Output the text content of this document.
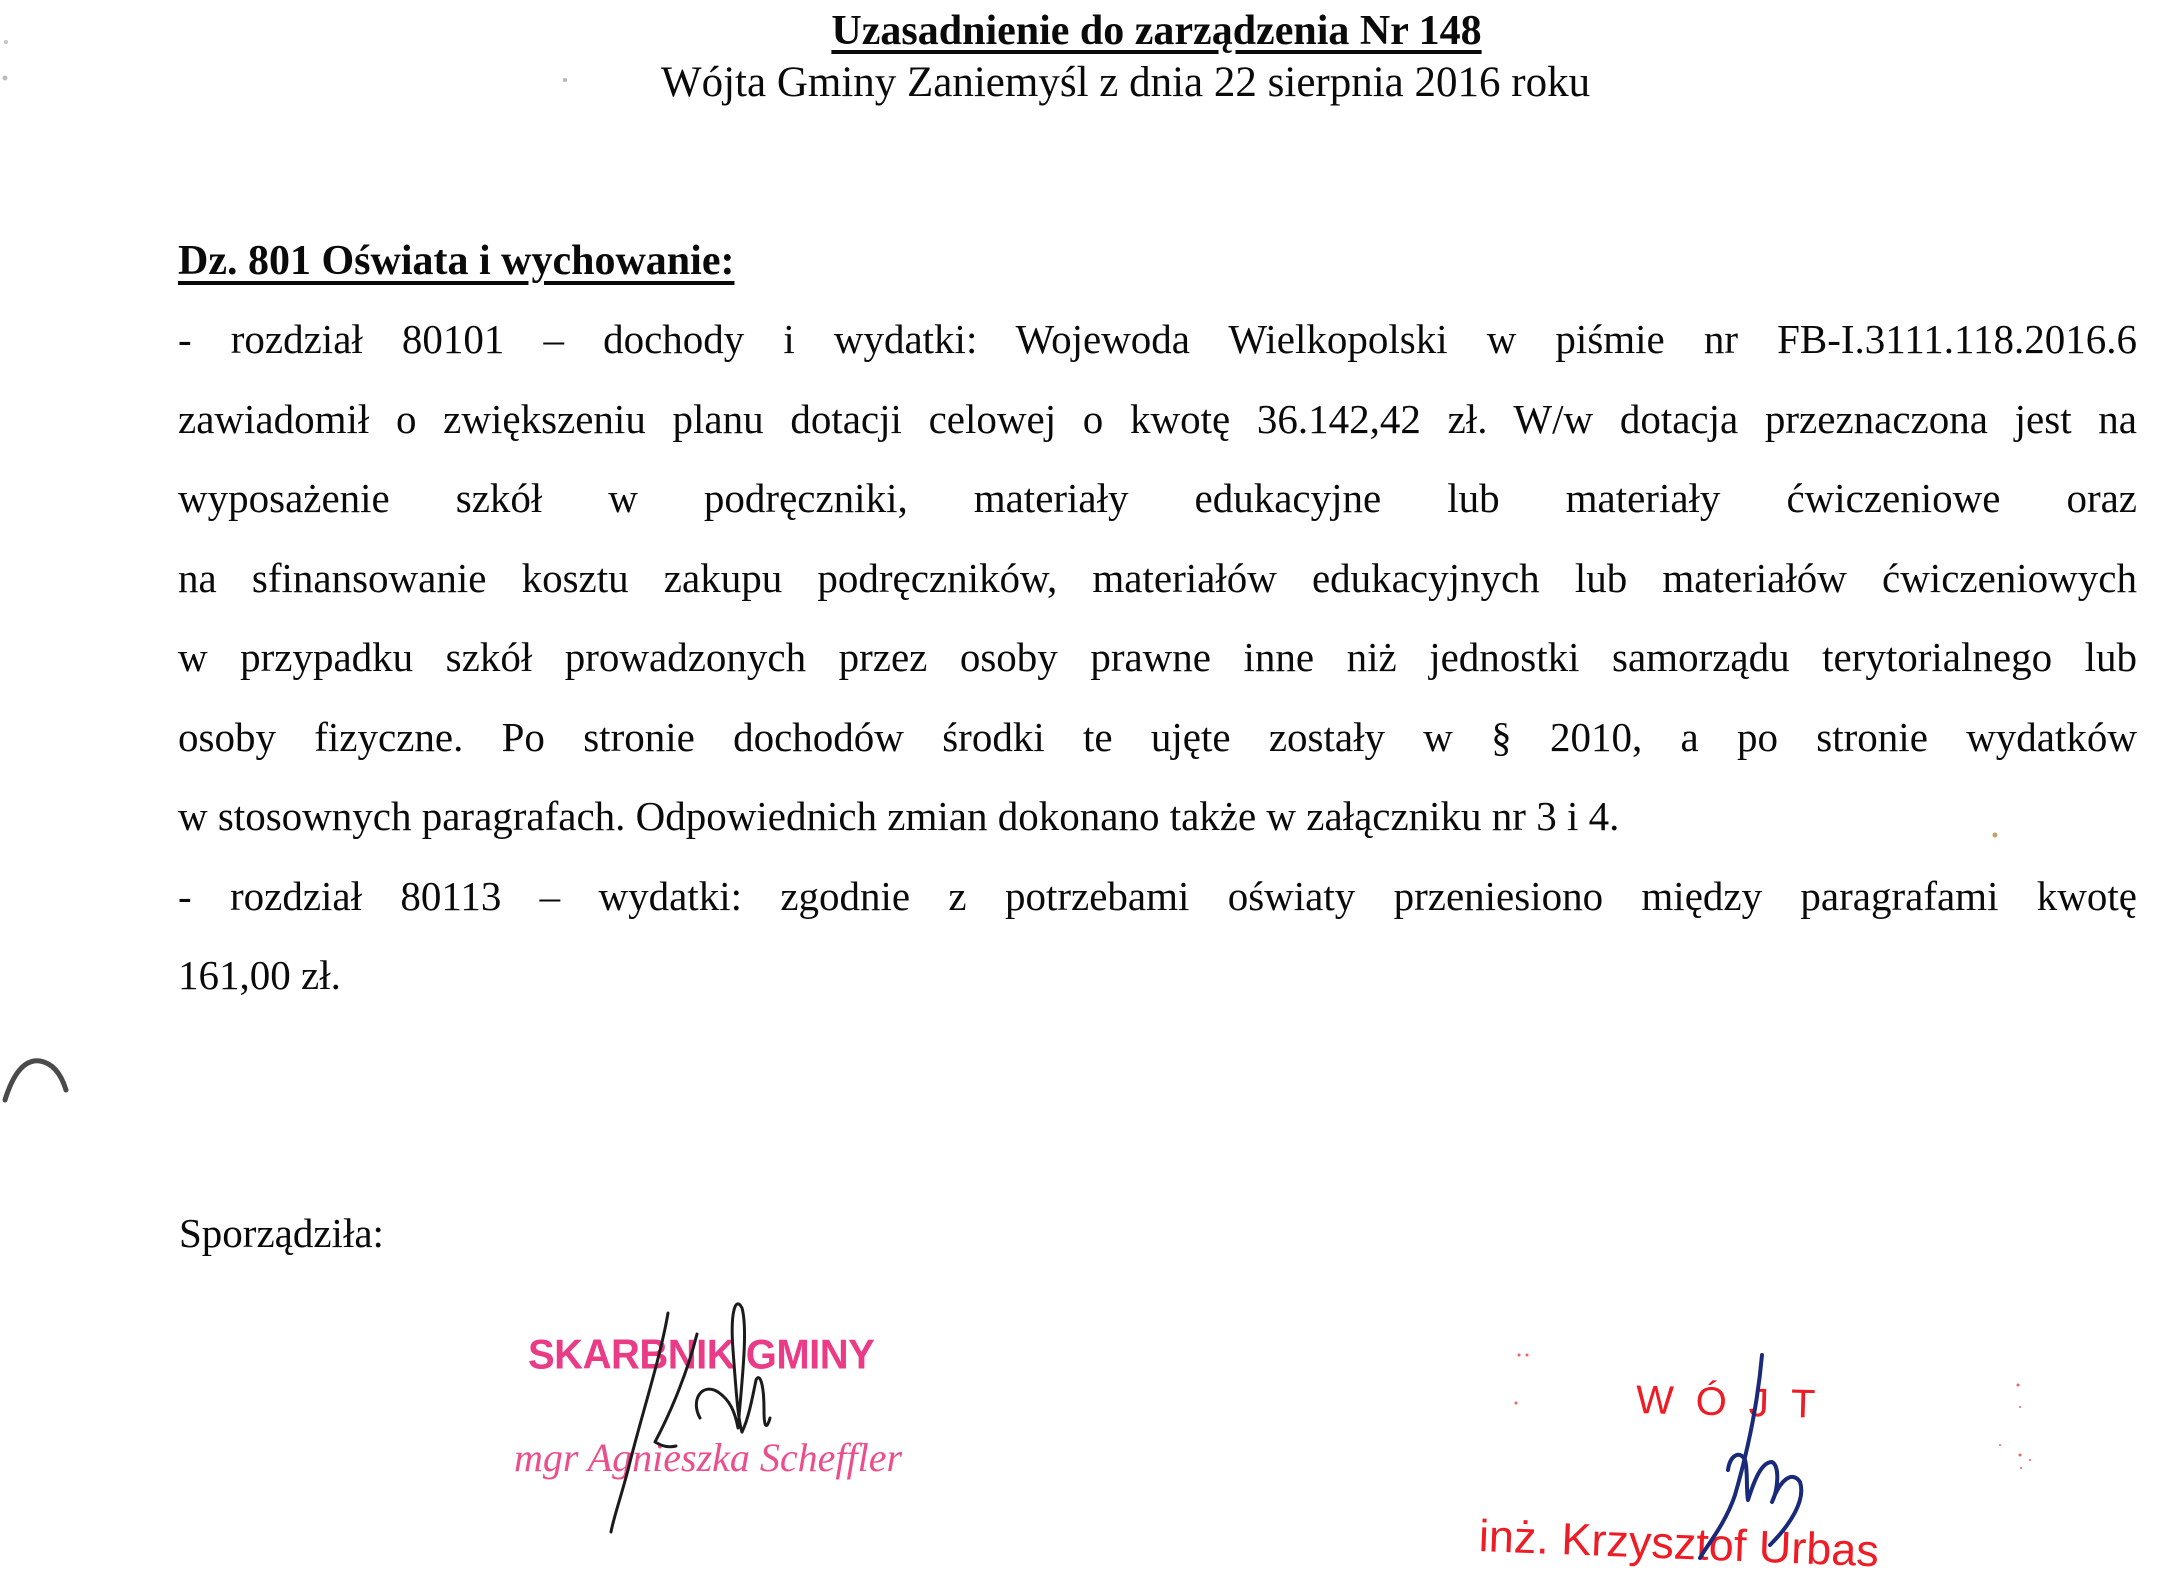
Uzasadnienie do zarządzenia Nr 148
Wójta Gminy Zaniemyśl z dnia 22 sierpnia 2016 roku
Dz. 801 Oświata i wychowanie:
- rozdział 80101 – dochody i wydatki: Wojewoda Wielkopolski w piśmie nr FB-I.3111.118.2016.6
zawiadomił o zwiększeniu planu dotacji celowej o kwotę 36.142,42 zł. W/w dotacja przeznaczona jest na
wyposażenie szkół w podręczniki, materiały edukacyjne lub materiały ćwiczeniowe oraz
na sfinansowanie kosztu zakupu podręczników, materiałów edukacyjnych lub materiałów ćwiczeniowych
w przypadku szkół prowadzonych przez osoby prawne inne niż jednostki samorządu terytorialnego lub
osoby fizyczne. Po stronie dochodów środki te ujęte zostały w § 2010, a po stronie wydatków
w stosownych paragrafach. Odpowiednich zmian dokonano także w załączniku nr 3 i 4.
- rozdział 80113 – wydatki: zgodnie z potrzebami oświaty przeniesiono między paragrafami kwotę
161,00 zł.
Sporządziła:
SKARBNIK GMINY
mgr Agnieszka Scheffler
WÓJT
inż. Krzysztof Urbas
